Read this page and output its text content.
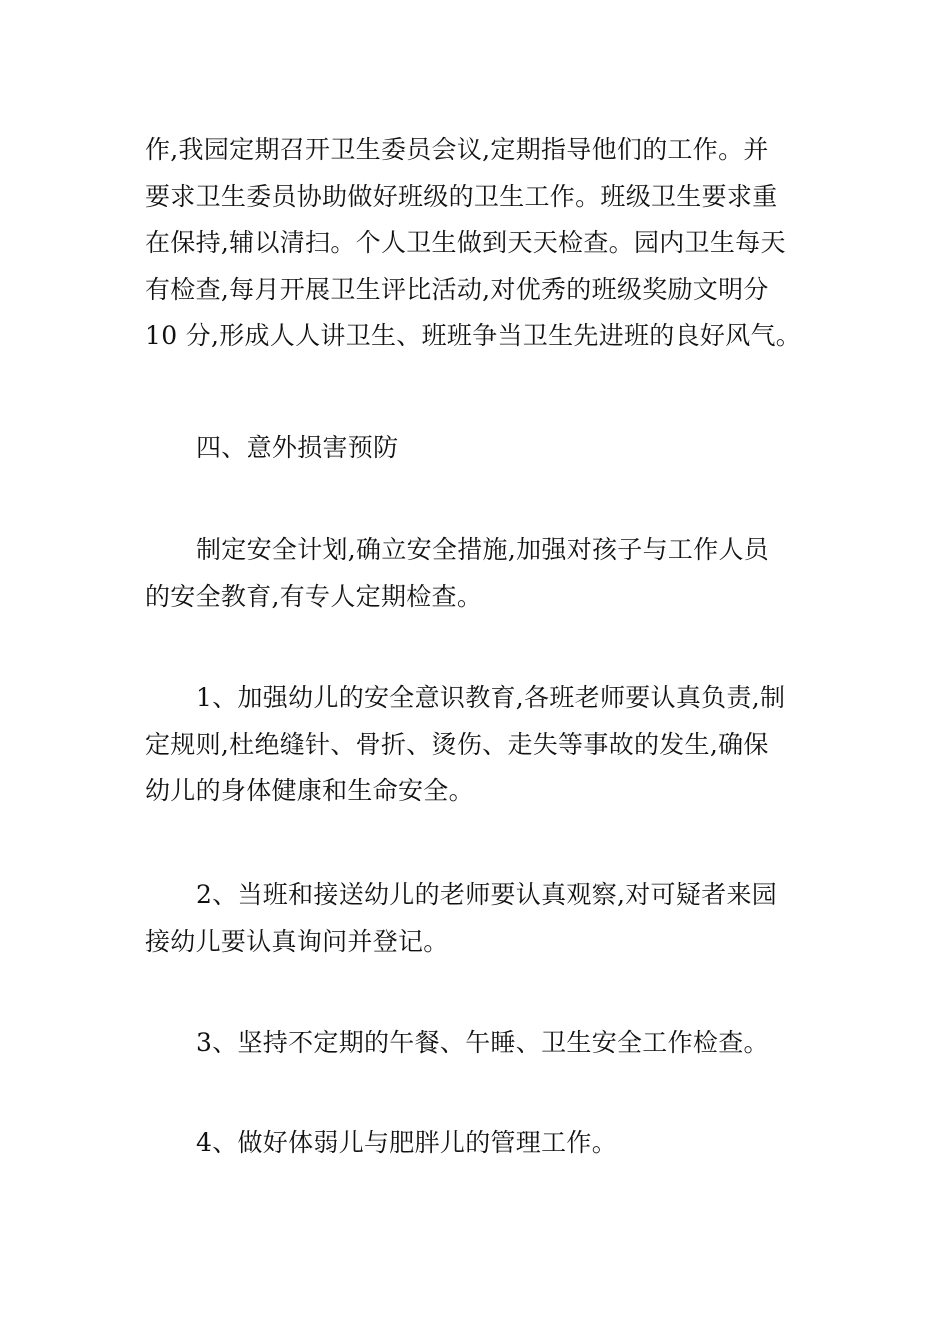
作,我园定期召开卫生委员会议,定期指导他们的工作。并
要求卫生委员协助做好班级的卫生工作。班级卫生要求重
在保持,辅以清扫。个人卫生做到天天检查。园内卫生每天
有检查,每月开展卫生评比活动,对优秀的班级奖励文明分
10 分,形成人人讲卫生、班班争当卫生先进班的良好风气。
四、意外损害预防
制定安全计划,确立安全措施,加强对孩子与工作人员
的安全教育,有专人定期检查。
1、加强幼儿的安全意识教育,各班老师要认真负责,制
定规则,杜绝缝针、骨折、烫伤、走失等事故的发生,确保
幼儿的身体健康和生命安全。
2、当班和接送幼儿的老师要认真观察,对可疑者来园
接幼儿要认真询问并登记。
3、坚持不定期的午餐、午睡、卫生安全工作检查。
4、做好体弱儿与肥胖儿的管理工作。
